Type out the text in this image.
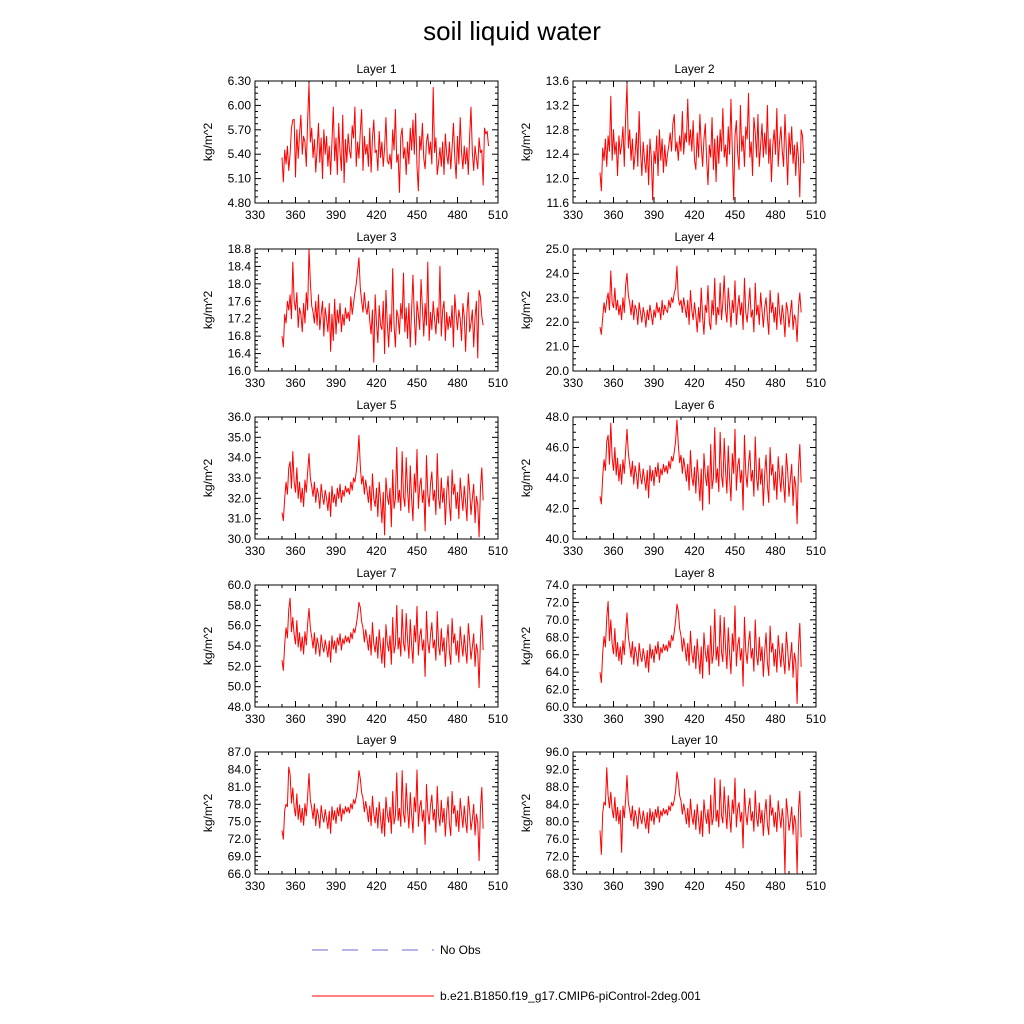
soil liquid water
Layer 1
kg/m^2
330 360 390 420 450 480 510
4.80
5.10
5.40
5.70
6.00
6.30
Layer 2
kg/m^2
330 360 390 420 450 480 510
11.6
12.0
12.4
12.8
13.2
13.6
Layer 3
kg/m^2
330 360 390 420 450 480 510
16.0
16.4
16.8
17.2
17.6
18.0
18.4
18.8
Layer 4
kg/m^2
330 360 390 420 450 480 510
20.0
21.0
22.0
23.0
24.0
25.0
Layer 5
kg/m^2
330 360 390 420 450 480 510
30.0
31.0
32.0
33.0
34.0
35.0
36.0
Layer 6
kg/m^2
330 360 390 420 450 480 510
40.0
42.0
44.0
46.0
48.0
Layer 7
kg/m^2
330 360 390 420 450 480 510
48.0
50.0
52.0
54.0
56.0
58.0
60.0
Layer 8
kg/m^2
330 360 390 420 450 480 510
60.0
62.0
64.0
66.0
68.0
70.0
72.0
74.0
Layer 9
kg/m^2
330 360 390 420 450 480 510
66.0
69.0
72.0
75.0
78.0
81.0
84.0
87.0
Layer 10
kg/m^2
330 360 390 420 450 480 510
68.0
72.0
76.0
80.0
84.0
88.0
92.0
96.0
No Obs
b.e21.B1850.f19_g17.CMIP6-piControl-2deg.001
